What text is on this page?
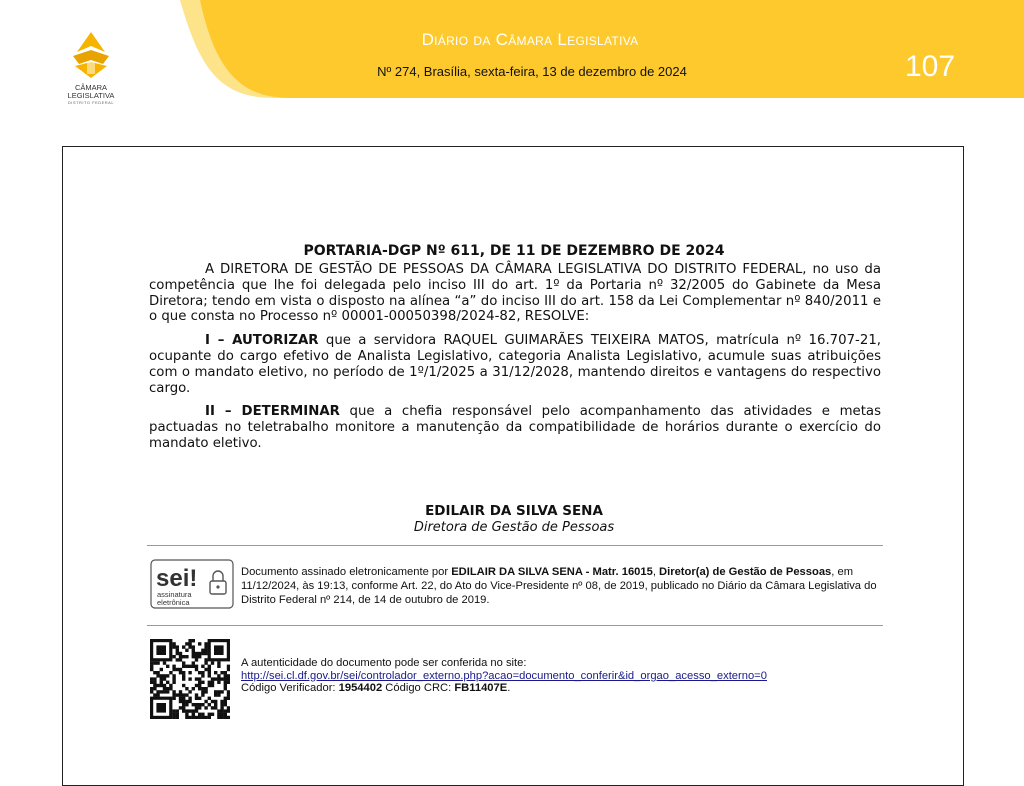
CÂMARA
LEGISLATIVA
DISTRITO FEDERAL
Diário da Câmara Legislativa
Nº 274, Brasília, sexta-feira, 13 de dezembro de 2024	107
PORTARIA-DGP Nº 611, DE 11 DE DEZEMBRO DE 2024

A DIRETORA DE GESTÃO DE PESSOAS DA CÂMARA LEGISLATIVA DO DISTRITO FEDERAL, no uso da competência que lhe foi delegada pelo inciso III do art. 1º da Portaria nº 32/2005 do Gabinete da Mesa Diretora; tendo em vista o disposto na alínea “a” do inciso III do art. 158 da Lei Complementar nº 840/2011 e o que consta no Processo nº 00001-00050398/2024-82, RESOLVE:

I – AUTORIZAR que a servidora RAQUEL GUIMARÃES TEIXEIRA MATOS, matrícula nº 16.707-21, ocupante do cargo efetivo de Analista Legislativo, categoria Analista Legislativo, acumule suas atribuições com o mandato eletivo, no período de 1º/1/2025 a 31/12/2028, mantendo direitos e vantagens do respectivo cargo.

II – DETERMINAR que a chefia responsável pelo acompanhamento das atividades e metas pactuadas no teletrabalho monitore a manutenção da compatibilidade de horários durante o exercício do mandato eletivo.

EDILAIR DA SILVA SENA
Diretora de Gestão de Pessoas
sei!
assinatura
eletrônica
Documento assinado eletronicamente por EDILAIR DA SILVA SENA - Matr. 16015, Diretor(a) de Gestão de Pessoas, em 11/12/2024, às 19:13, conforme Art. 22, do Ato do Vice-Presidente nº 08, de 2019, publicado no Diário da Câmara Legislativa do Distrito Federal nº 214, de 14 de outubro de 2019.
A autenticidade do documento pode ser conferida no site:
http://sei.cl.df.gov.br/sei/controlador_externo.php?acao=documento_conferir&id_orgao_acesso_externo=0
Código Verificador: 1954402 Código CRC: FB11407E.
